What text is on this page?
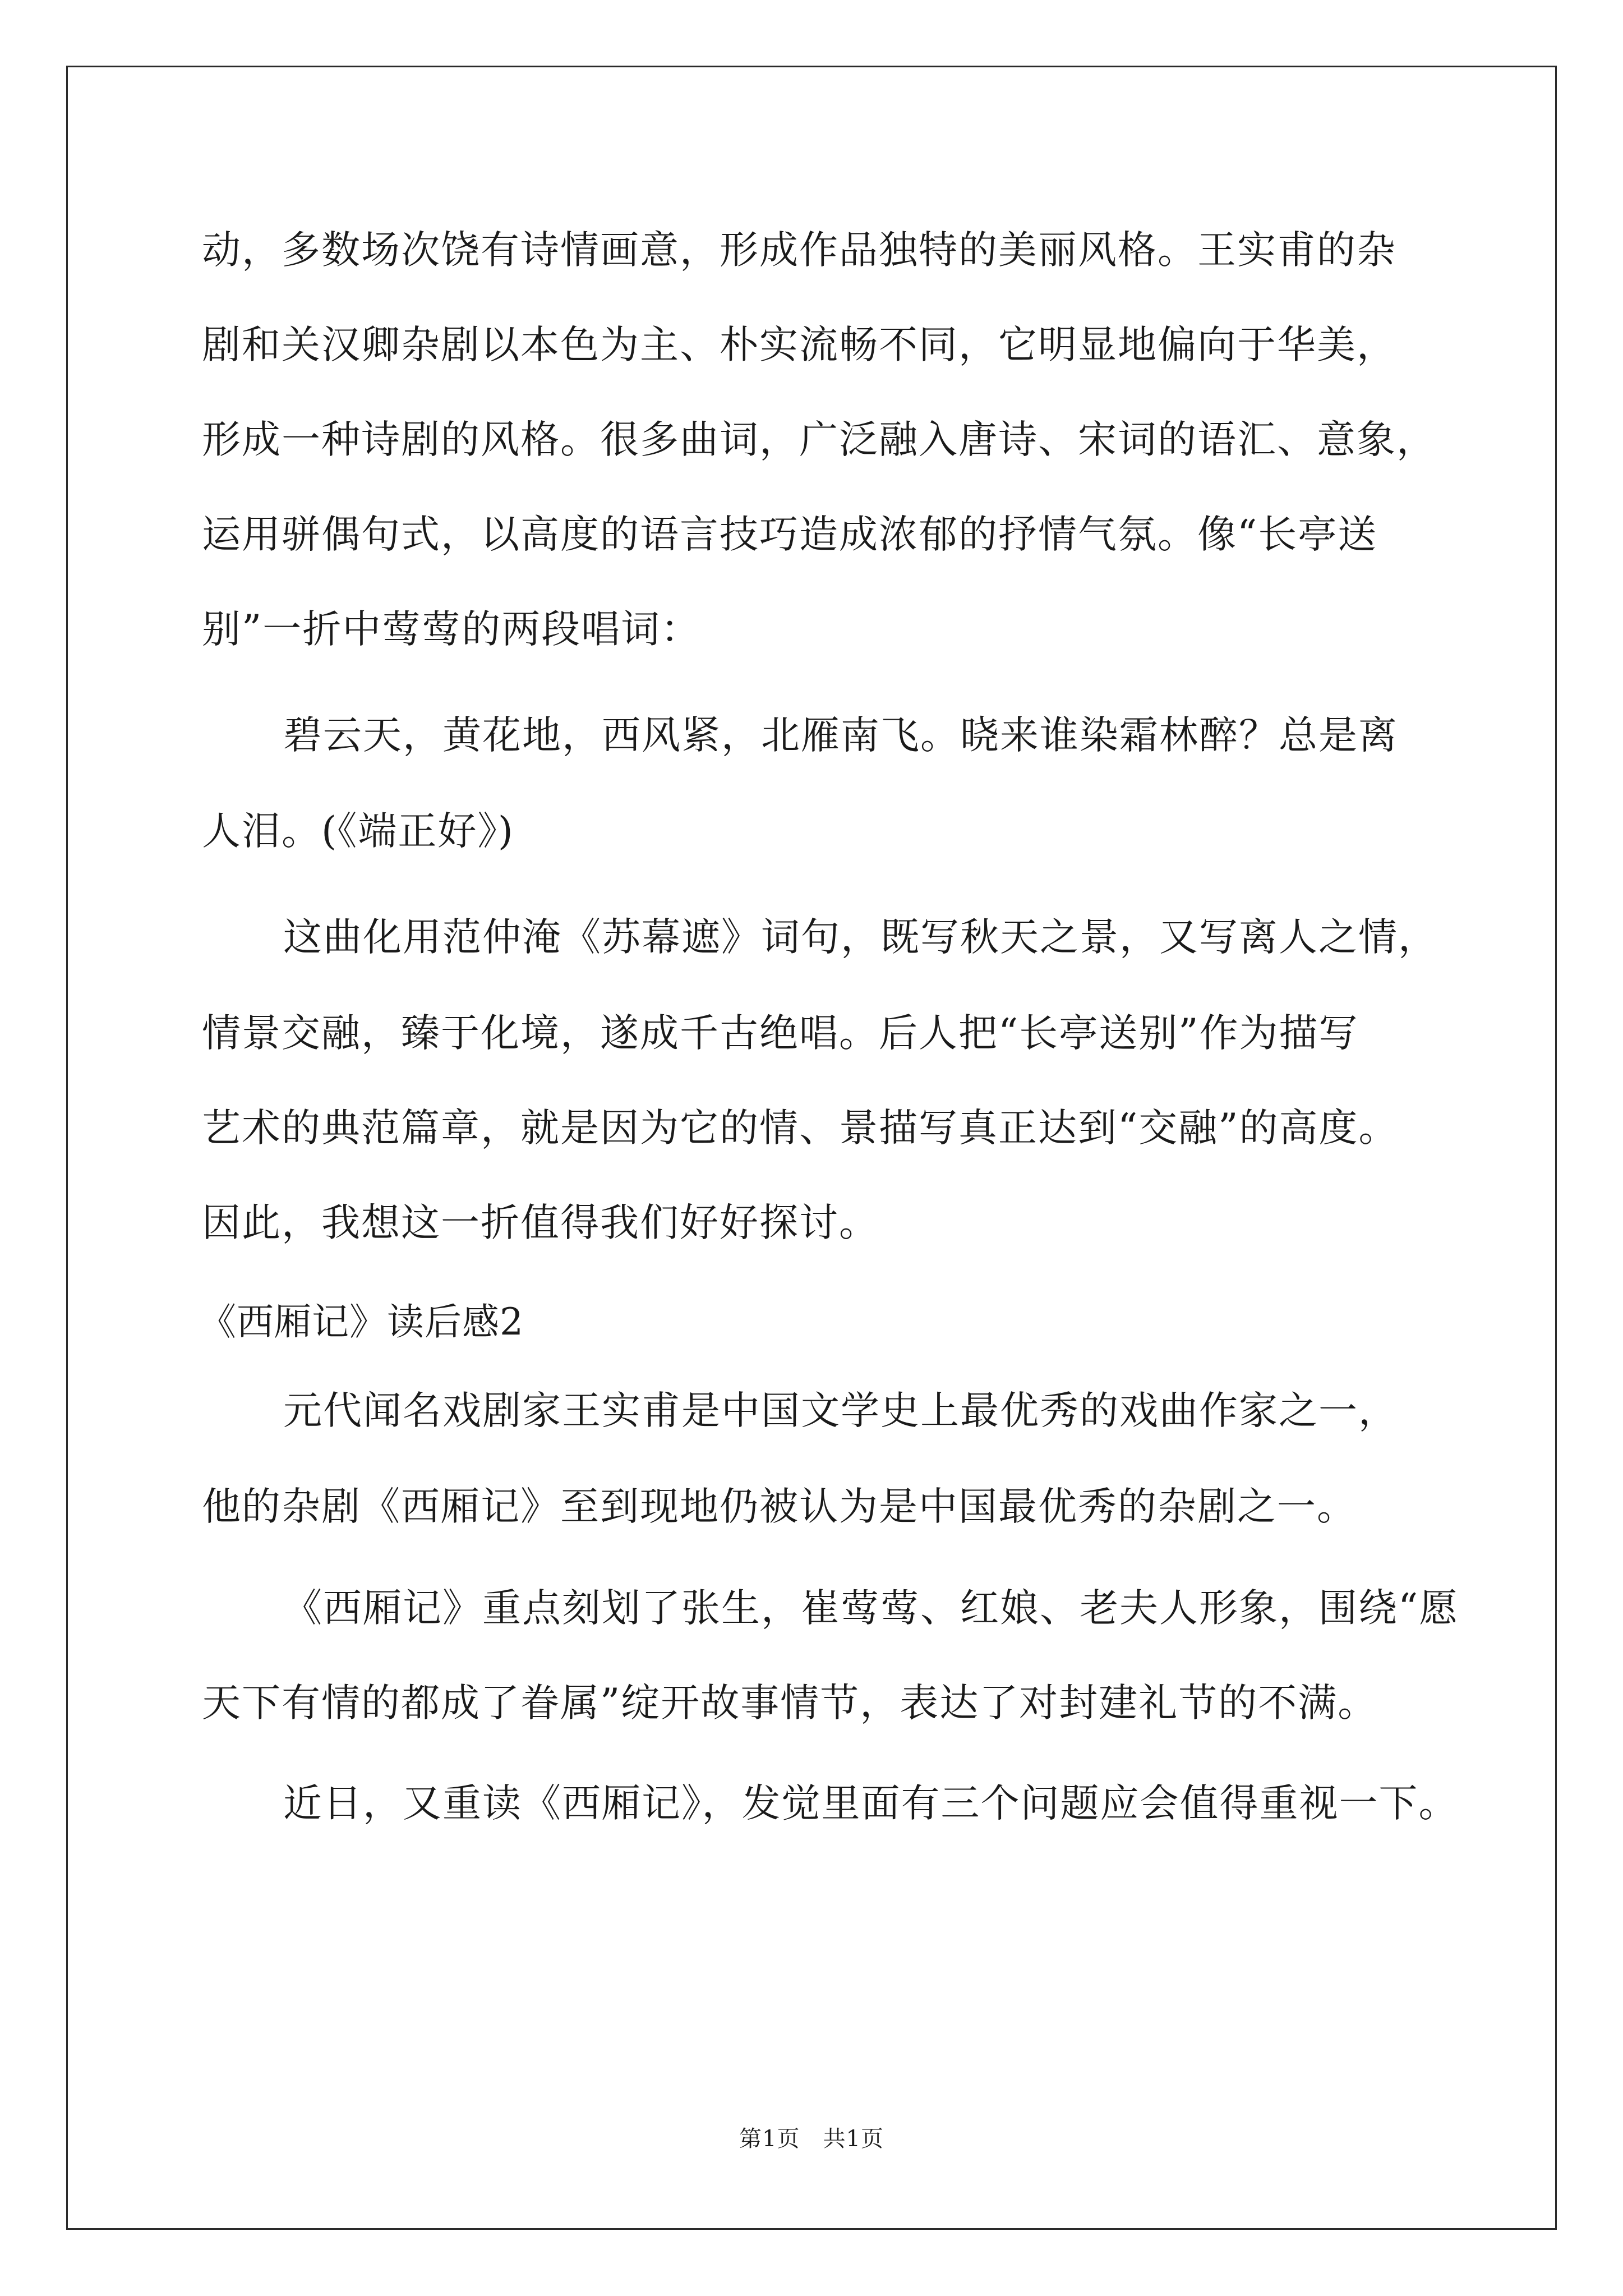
动，多数场次饶有诗情画意，形成作品独特的美丽风格。王实甫的杂
剧和关汉卿杂剧以本色为主、朴实流畅不同，它明显地偏向于华美，
形成一种诗剧的风格。很多曲词，广泛融入唐诗、宋词的语汇、意象，
运用骈偶句式，以高度的语言技巧造成浓郁的抒情气氛。像“长亭送
别”一折中莺莺的两段唱词：
碧云天，黄花地，西风紧，北雁南飞。晓来谁染霜林醉？总是离
人泪。(《端正好》)
这曲化用范仲淹《苏幕遮》词句，既写秋天之景，又写离人之情，
情景交融，臻于化境，遂成千古绝唱。后人把“长亭送别”作为描写
艺术的典范篇章，就是因为它的情、景描写真正达到“交融”的高度。
因此，我想这一折值得我们好好探讨。
《西厢记》读后感2
元代闻名戏剧家王实甫是中国文学史上最优秀的戏曲作家之一，
他的杂剧《西厢记》至到现地仍被认为是中国最优秀的杂剧之一。
《西厢记》重点刻划了张生，崔莺莺、红娘、老夫人形象，围绕“愿
天下有情的都成了眷属”绽开故事情节，表达了对封建礼节的不满。
近日，又重读《西厢记》，发觉里面有三个问题应会值得重视一下。
第1页　共1页
